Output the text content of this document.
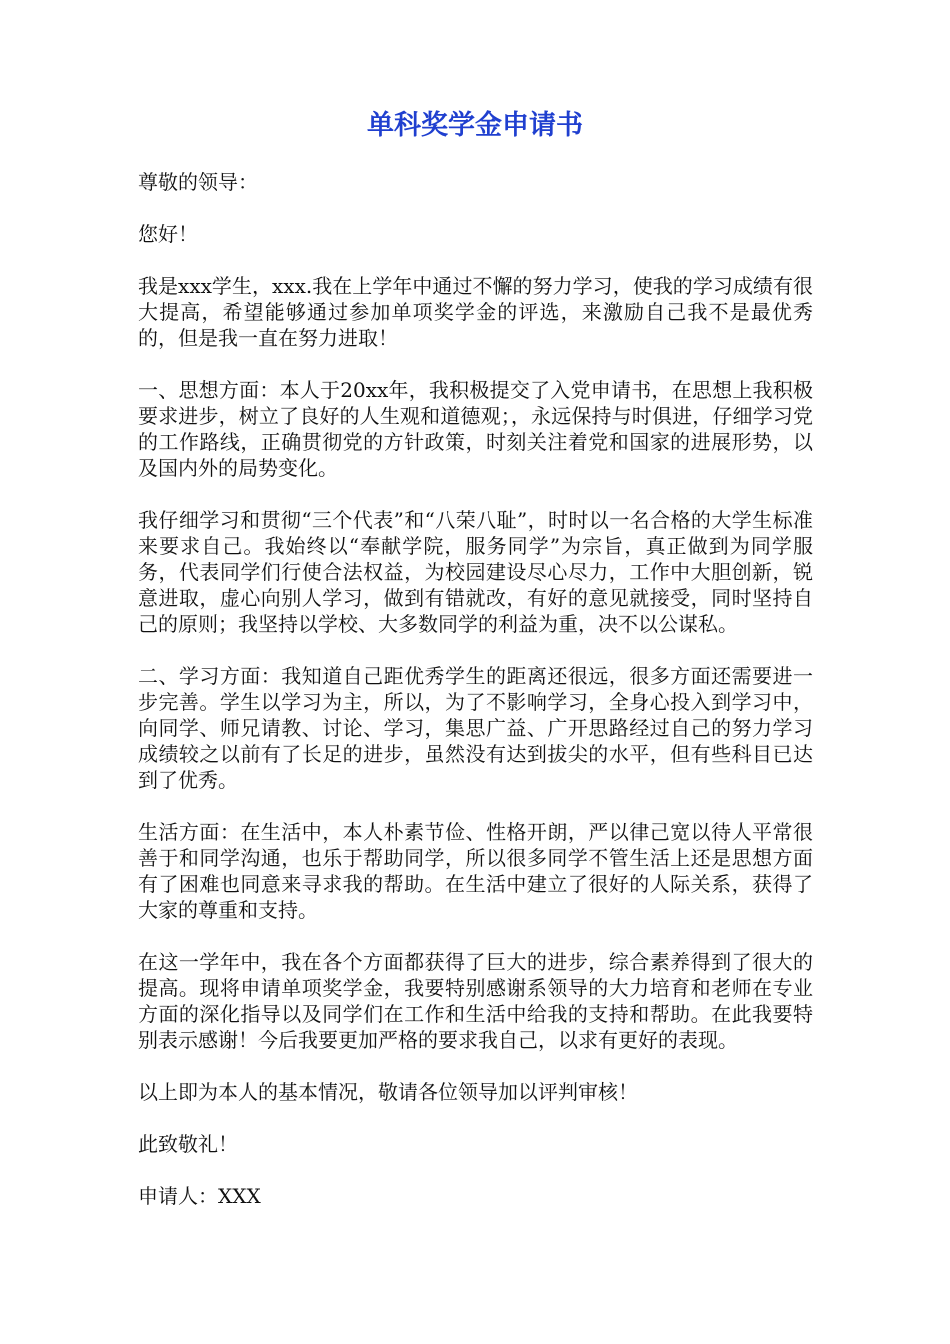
单科奖学金申请书

尊敬的领导：

您好！

我是xxx学生，xxx.我在上学年中通过不懈的努力学习，使我的学习成绩有很大提高，希望能够通过参加单项奖学金的评选，来激励自己我不是最优秀的，但是我一直在努力进取！

一、思想方面：本人于20xx年，我积极提交了入党申请书，在思想上我积极要求进步，树立了良好的人生观和道德观；，永远保持与时俱进，仔细学习党的工作路线，正确贯彻党的方针政策，时刻关注着党和国家的进展形势，以及国内外的局势变化。

我仔细学习和贯彻“三个代表”和“八荣八耻”，时时以一名合格的大学生标准来要求自己。我始终以“奉献学院，服务同学”为宗旨，真正做到为同学服务，代表同学们行使合法权益，为校园建设尽心尽力，工作中大胆创新，锐意进取，虚心向别人学习，做到有错就改，有好的意见就接受，同时坚持自己的原则；我坚持以学校、大多数同学的利益为重，决不以公谋私。

二、学习方面：我知道自己距优秀学生的距离还很远，很多方面还需要进一步完善。学生以学习为主，所以，为了不影响学习，全身心投入到学习中，向同学、师兄请教、讨论、学习，集思广益、广开思路经过自己的努力学习成绩较之以前有了长足的进步，虽然没有达到拔尖的水平，但有些科目已达到了优秀。

生活方面：在生活中，本人朴素节俭、性格开朗，严以律己宽以待人平常很善于和同学沟通，也乐于帮助同学，所以很多同学不管生活上还是思想方面有了困难也同意来寻求我的帮助。在生活中建立了很好的人际关系，获得了大家的尊重和支持。

在这一学年中，我在各个方面都获得了巨大的进步，综合素养得到了很大的提高。现将申请单项奖学金，我要特别感谢系领导的大力培育和老师在专业方面的深化指导以及同学们在工作和生活中给我的支持和帮助。在此我要特别表示感谢！今后我要更加严格的要求我自己，以求有更好的表现。

以上即为本人的基本情况，敬请各位领导加以评判审核！

此致敬礼！

申请人：XXX
